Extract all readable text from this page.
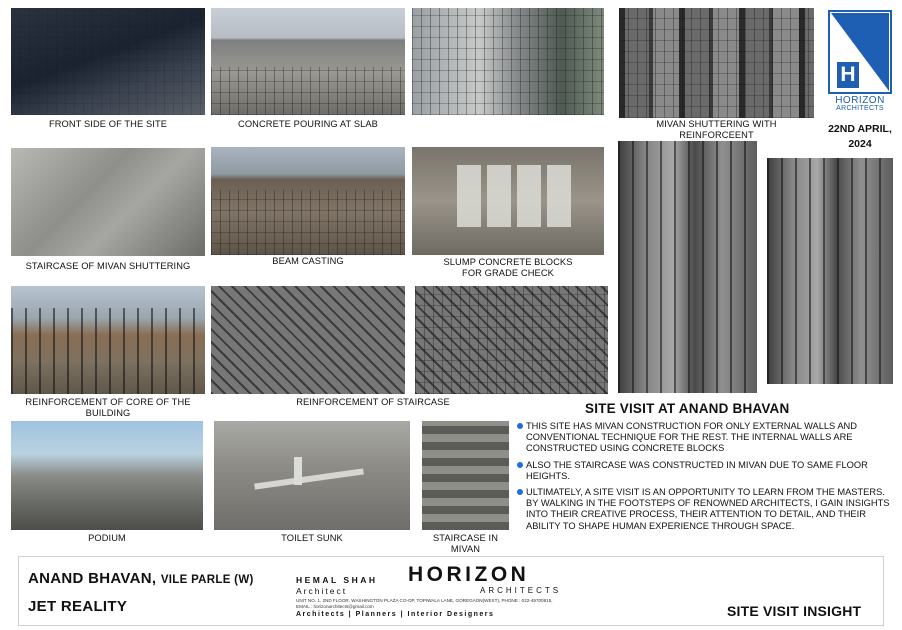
FRONT SIDE OF THE SITE	CONCRETE POURING AT SLAB	MIVAN SHUTTERING WITH
REINFORCEENT
H
HORIZON
ARCHITECTS
22ND APRIL,
2024
STAIRCASE OF MIVAN SHUTTERING	BEAM CASTING	SLUMP CONCRETE BLOCKS
FOR GRADE CHECK
REINFORCEMENT OF CORE OF THE
BUILDING
REINFORCEMENT OF STAIRCASE
PODIUM	TOILET SUNK	STAIRCASE IN
MIVAN
SITE VISIT AT ANAND BHAVAN
THIS SITE HAS MIVAN CONSTRUCTION FOR ONLY EXTERNAL WALLS AND CONVENTIONAL TECHNIQUE FOR THE REST. THE INTERNAL WALLS ARE CONSTRUCTED USING CONCRETE BLOCKS
ALSO THE STAIRCASE WAS CONSTRUCTED IN MIVAN DUE TO SAME FLOOR HEIGHTS.
ULTIMATELY, A SITE VISIT IS AN OPPORTUNITY TO LEARN FROM THE MASTERS. BY WALKING IN THE FOOTSTEPS OF RENOWNED ARCHITECTS, I GAIN INSIGHTS INTO THEIR CREATIVE PROCESS, THEIR ATTENTION TO DETAIL, AND THEIR ABILITY TO SHAPE HUMAN EXPERIENCE THROUGH SPACE.
ANAND BHAVAN, VILE PARLE (W)
JET REALITY
HEMAL SHAH
Architect
HORIZON
ARCHITECTS
UNIT NO. 1, 2ND FLOOR, WASHINGTON PLAZA CO-OP, TOPIWALA LANE, GOREGAON(WEST), PHONE : 022-49700915, EMAIL : horizonarchitects@gmail.com
Architects | Planners | Interior Designers	SITE VISIT INSIGHT
